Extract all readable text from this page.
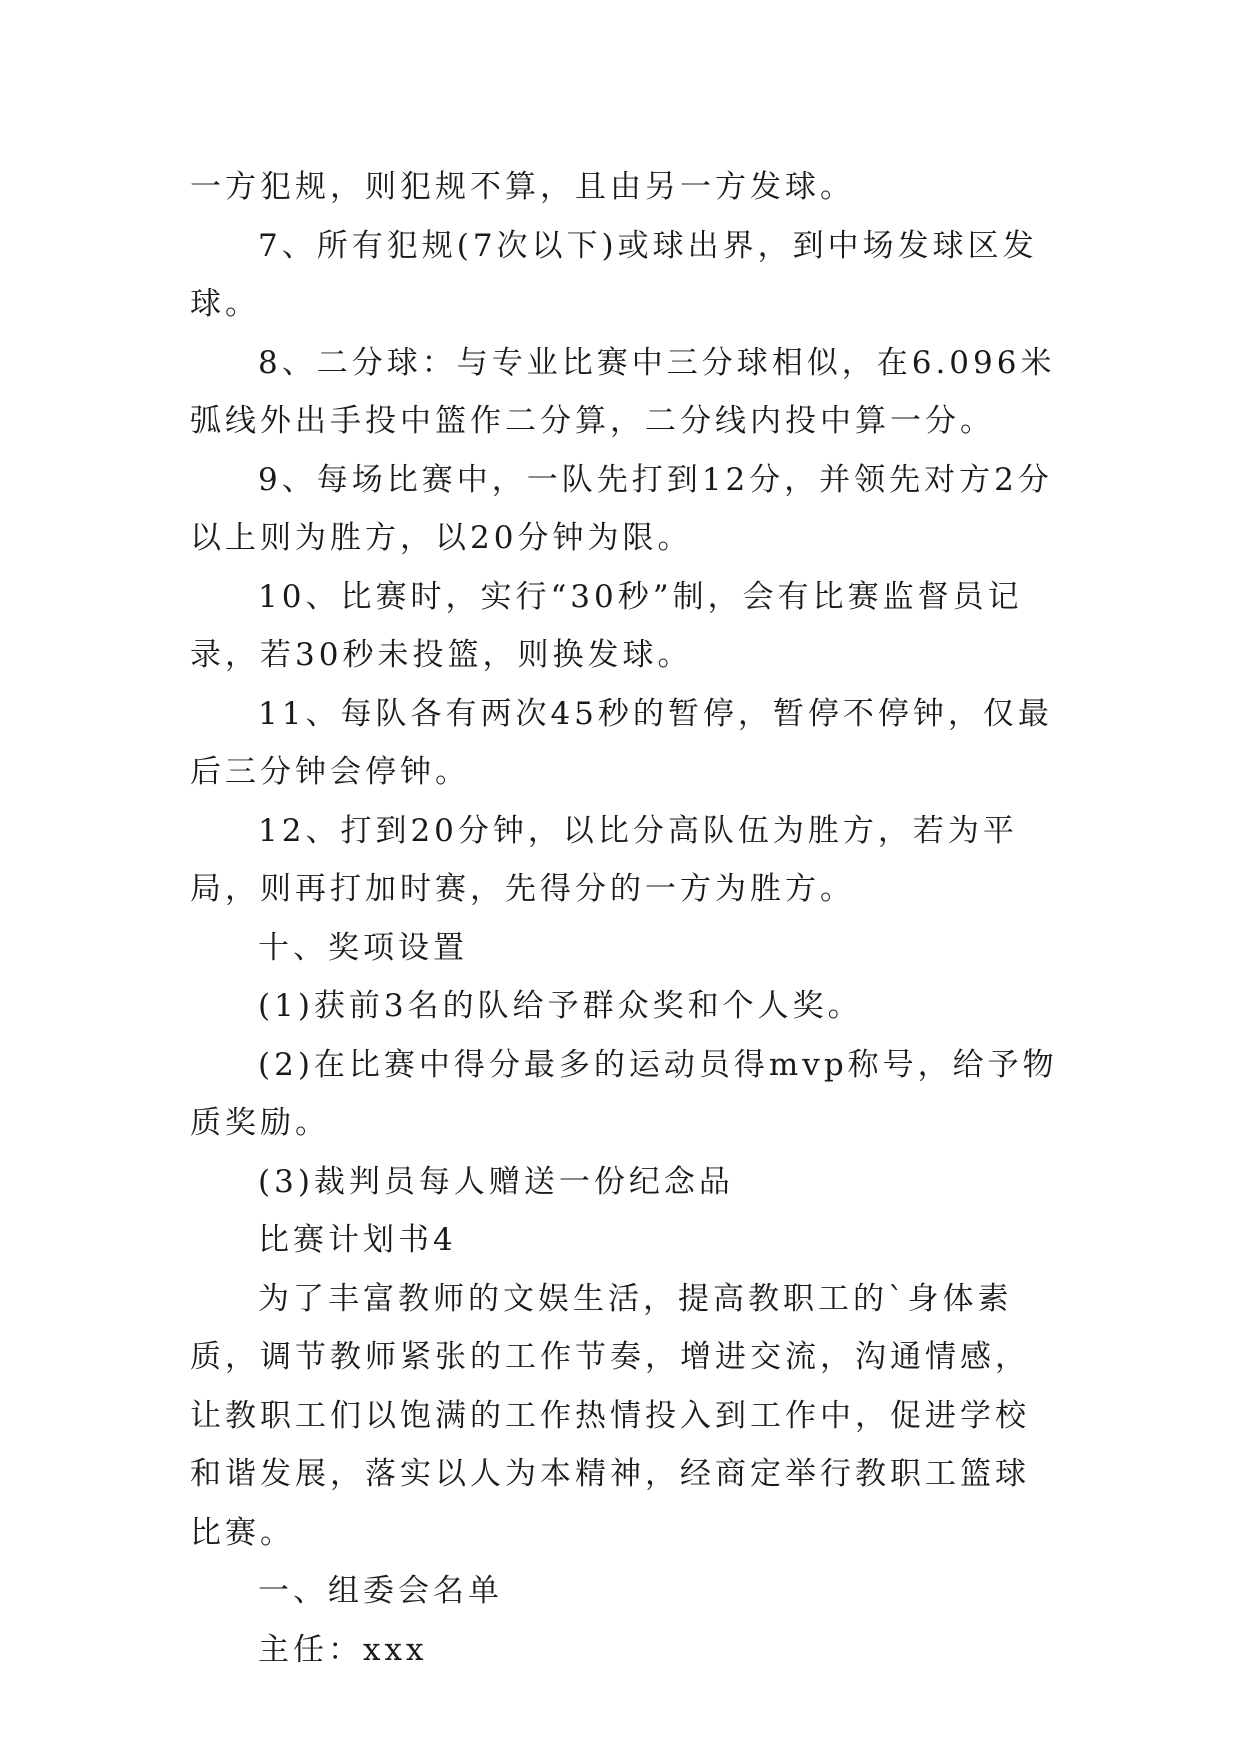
一方犯规，则犯规不算，且由另一方发球。

7、所有犯规(7次以下)或球出界，到中场发球区发球。

8、二分球：与专业比赛中三分球相似，在6.096米弧线外出手投中篮作二分算，二分线内投中算一分。

9、每场比赛中，一队先打到12分，并领先对方2分以上则为胜方，以20分钟为限。

10、比赛时，实行“30秒”制，会有比赛监督员记录，若30秒未投篮，则换发球。

11、每队各有两次45秒的暂停，暂停不停钟，仅最后三分钟会停钟。

12、打到20分钟，以比分高队伍为胜方，若为平局，则再打加时赛，先得分的一方为胜方。

十、奖项设置

(1)获前3名的队给予群众奖和个人奖。

(2)在比赛中得分最多的运动员得mvp称号，给予物质奖励。

(3)裁判员每人赠送一份纪念品

比赛计划书4

为了丰富教师的文娱生活，提高教职工的`身体素质，调节教师紧张的工作节奏，增进交流，沟通情感，让教职工们以饱满的工作热情投入到工作中，促进学校和谐发展，落实以人为本精神，经商定举行教职工篮球比赛。

一、组委会名单

主任：xxx
